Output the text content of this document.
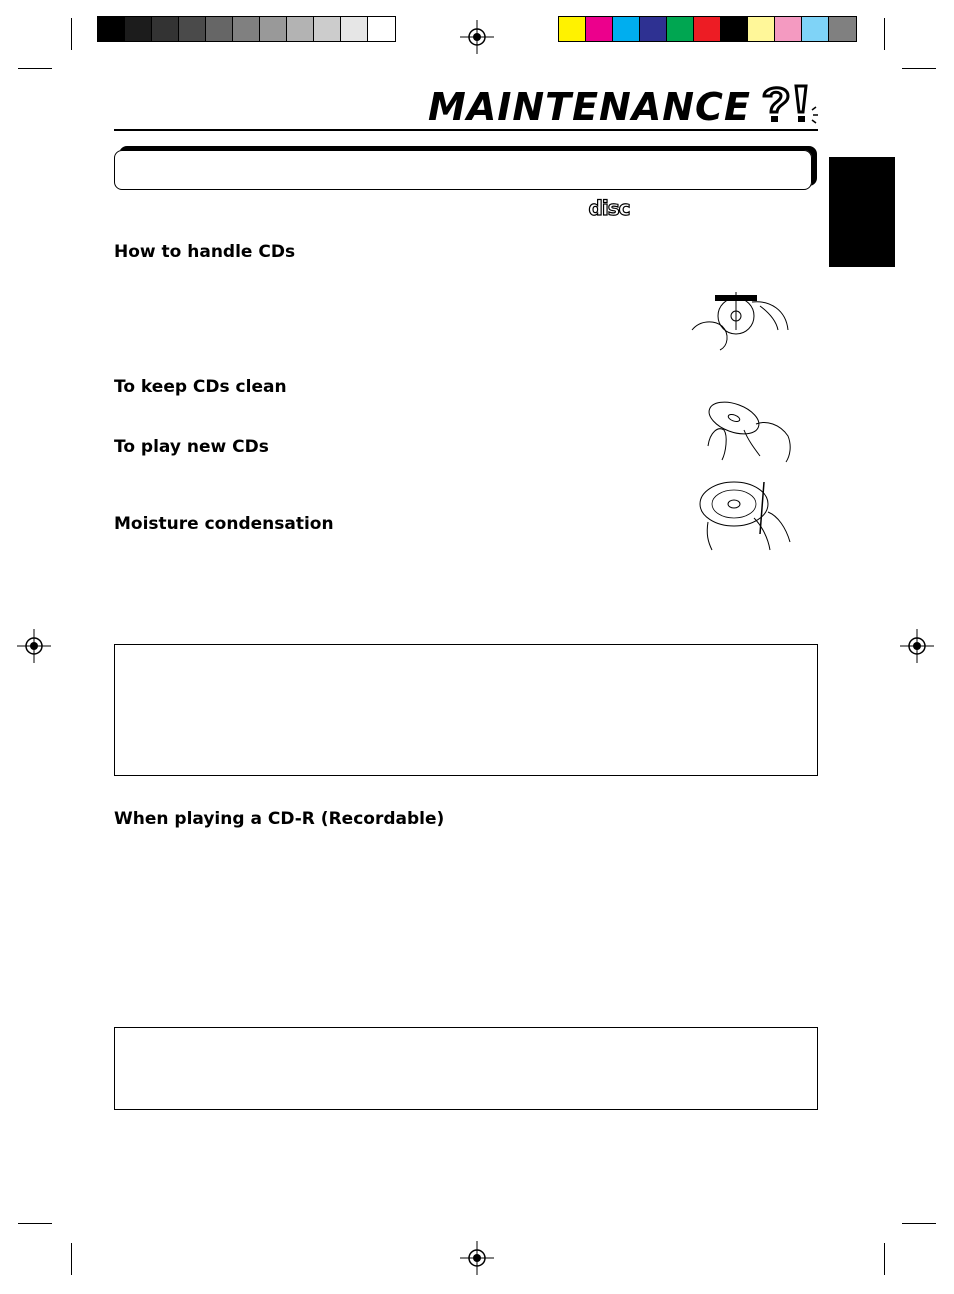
MAINTENANCE
disc
How to handle CDs
To keep CDs clean
To play new CDs
Moisture condensation
When playing a CD-R (Recordable)
